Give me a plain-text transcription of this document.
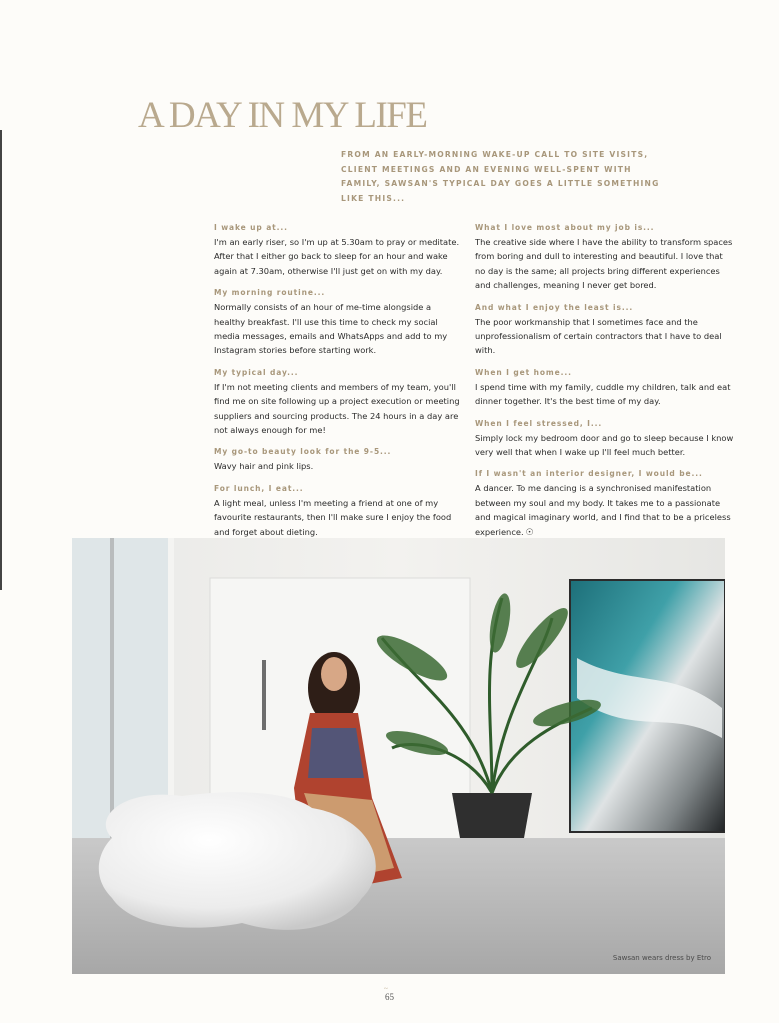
A DAY IN MY LIFE
FROM AN EARLY-MORNING WAKE-UP CALL TO SITE VISITS, CLIENT MEETINGS AND AN EVENING WELL-SPENT WITH FAMILY, SAWSAN'S TYPICAL DAY GOES A LITTLE SOMETHING LIKE THIS...
I wake up at...
I'm an early riser, so I'm up at 5.30am to pray or meditate. After that I either go back to sleep for an hour and wake again at 7.30am, otherwise I'll just get on with my day.
My morning routine...
Normally consists of an hour of me-time alongside a healthy breakfast. I'll use this time to check my social media messages, emails and WhatsApps and add to my Instagram stories before starting work.
My typical day...
If I'm not meeting clients and members of my team, you'll find me on site following up a project execution or meeting suppliers and sourcing products. The 24 hours in a day are not always enough for me!
My go-to beauty look for the 9-5...
Wavy hair and pink lips.
For lunch, I eat...
A light meal, unless I'm meeting a friend at one of my favourite restaurants, then I'll make sure I enjoy the food and forget about dieting.
What I love most about my job is...
The creative side where I have the ability to transform spaces from boring and dull to interesting and beautiful. I love that no day is the same; all projects bring different experiences and challenges, meaning I never get bored.
And what I enjoy the least is...
The poor workmanship that I sometimes face and the unprofessionalism of certain contractors that I have to deal with.
When I get home...
I spend time with my family, cuddle my children, talk and eat dinner together. It's the best time of my day.
When I feel stressed, I...
Simply lock my bedroom door and go to sleep because I know very well that when I wake up I'll feel much better.
If I wasn't an interior designer, I would be...
A dancer. To me dancing is a synchronised manifestation between my soul and my body. It takes me to a passionate and magical imaginary world, and I find that to be a priceless experience. ☉
Sawsan wears dress by Etro
~
65
